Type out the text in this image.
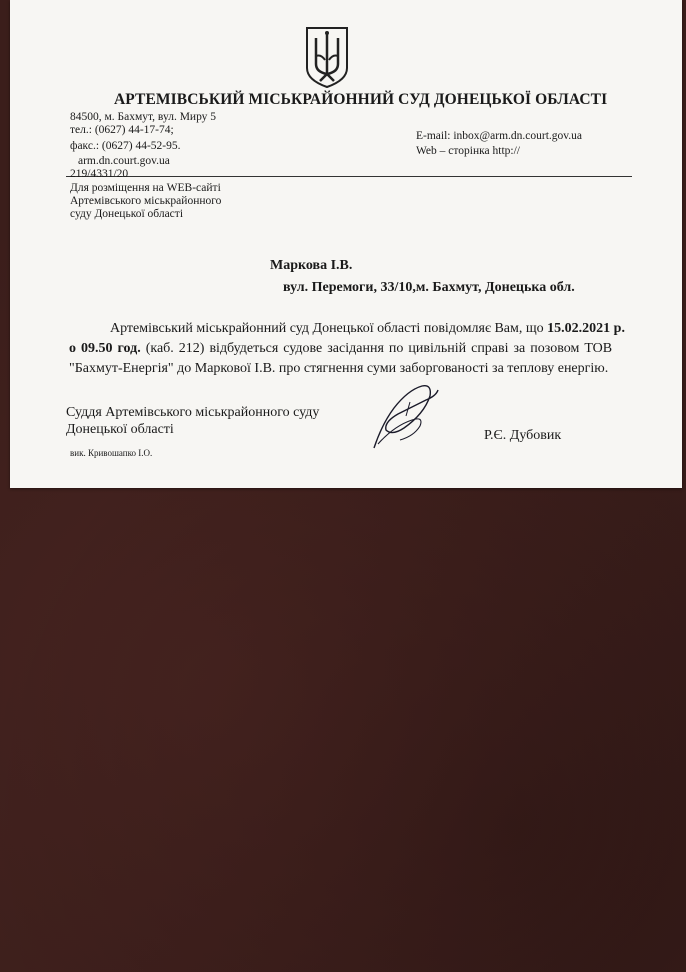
АРТЕМІВСЬКИЙ МІСЬКРАЙОННИЙ СУД ДОНЕЦЬКОЇ ОБЛАСТІ
84500, м. Бахмут, вул. Миру 5
тел.: (0627) 44-17-74;
факс.: (0627) 44-52-95.
arm.dn.court.gov.ua
E-mail: inbox@arm.dn.court.gov.ua
Web – сторінка http://
219/4331/20
Для розміщення на WEB-сайті
Артемівського міськрайонного
суду Донецької області
Маркова І.В.
вул. Перемоги, 33/10,м. Бахмут, Донецька обл.
Артемівський міськрайонний суд Донецької області повідомляє Вам, що 15.02.2021 р.
о 09.50 год. (каб. 212) відбудеться судове засідання по цивільній справі за позовом ТОВ
"Бахмут-Енергія" до Маркової І.В. про стягнення суми заборгованості за теплову енергію.
Суддя Артемівського міськрайонного суду
Донецької області	Р.Є. Дубовик
вик. Кривошапко І.О.
